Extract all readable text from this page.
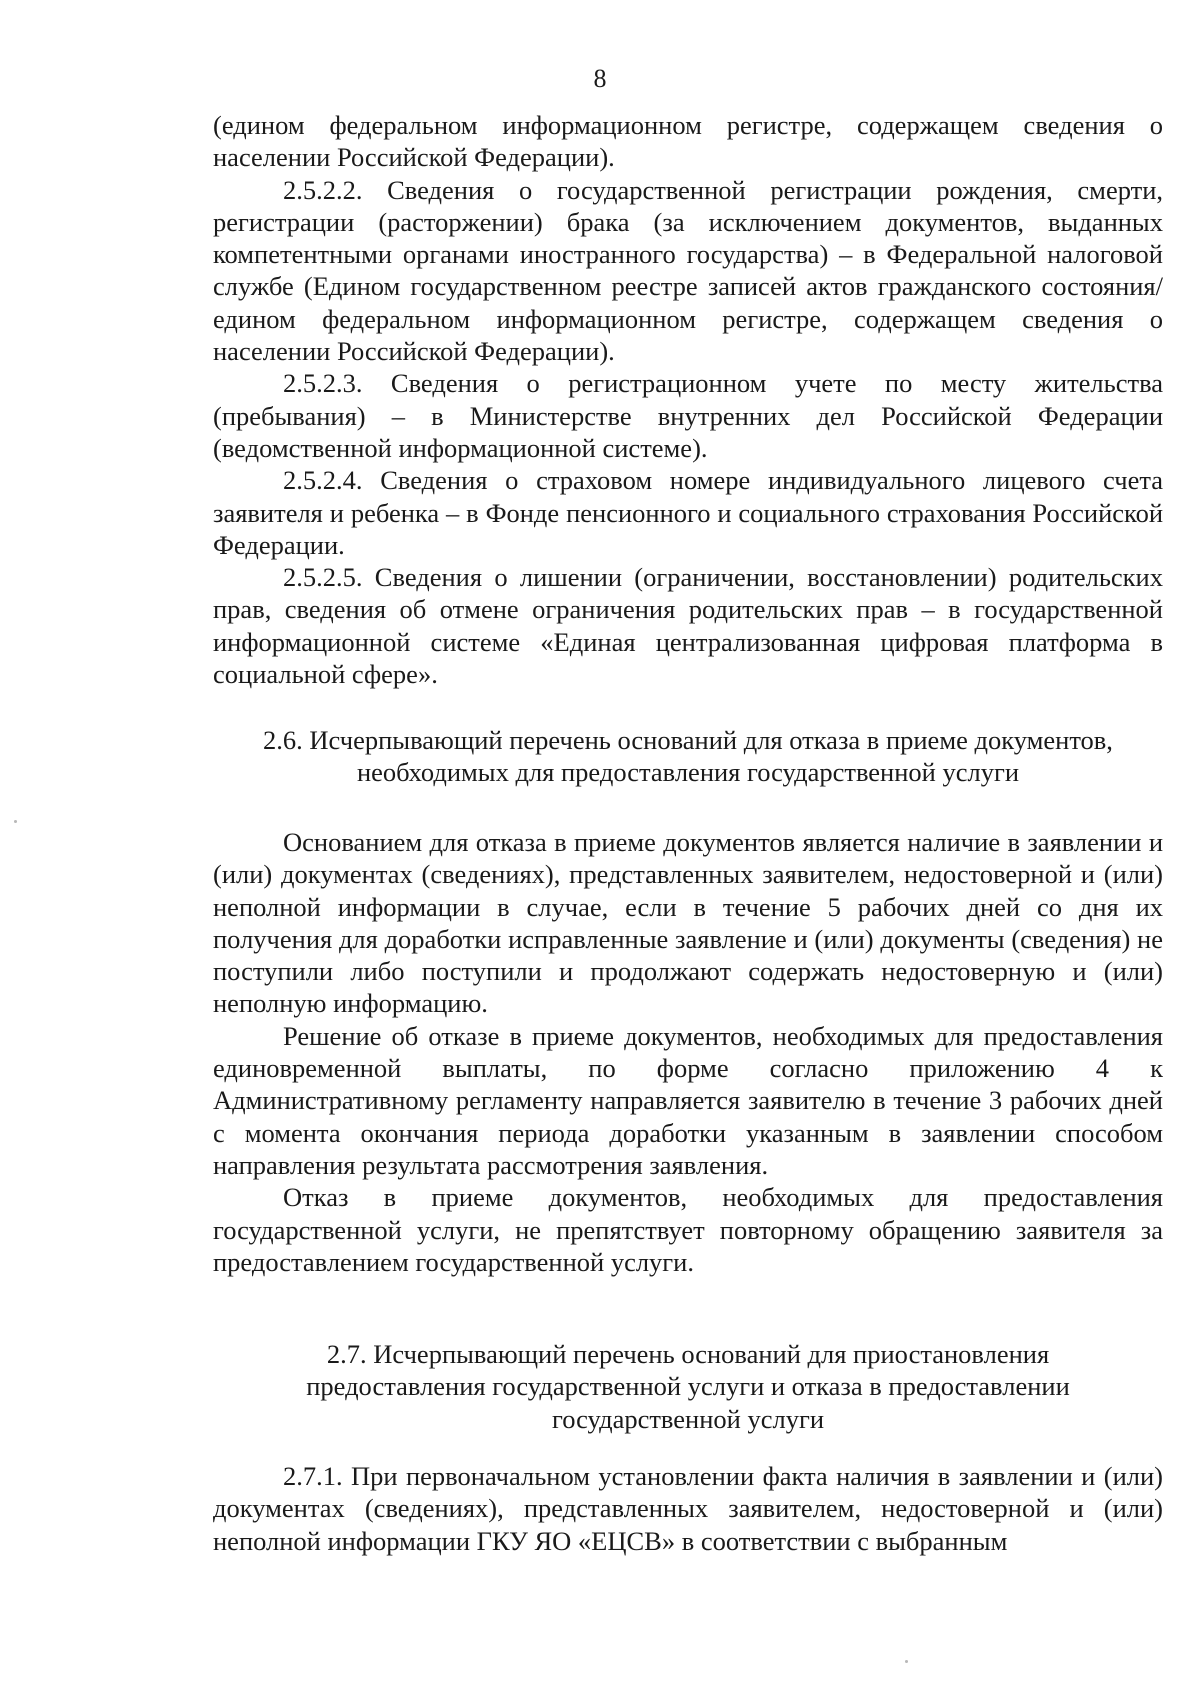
8

(едином федеральном информационном регистре, содержащем сведения о населении Российской Федерации).

2.5.2.2. Сведения о государственной регистрации рождения, смерти, регистрации (расторжении) брака (за исключением документов, выданных компетентными органами иностранного государства) – в Федеральной налоговой службе (Едином государственном реестре записей актов гражданского состояния/ едином федеральном информационном регистре, содержащем сведения о населении Российской Федерации).

2.5.2.3. Сведения о регистрационном учете по месту жительства (пребывания) – в Министерстве внутренних дел Российской Федерации (ведомственной информационной системе).

2.5.2.4. Сведения о страховом номере индивидуального лицевого счета заявителя и ребенка – в Фонде пенсионного и социального страхования Российской Федерации.

2.5.2.5. Сведения о лишении (ограничении, восстановлении) родительских прав, сведения об отмене ограничения родительских прав – в государственной информационной системе «Единая централизованная цифровая платформа в социальной сфере».

2.6. Исчерпывающий перечень оснований для отказа в приеме документов,
необходимых для предоставления государственной услуги

Основанием для отказа в приеме документов является наличие в заявлении и (или) документах (сведениях), представленных заявителем, недостоверной и (или) неполной информации в случае, если в течение 5 рабочих дней со дня их получения для доработки исправленные заявление и (или) документы (сведения) не поступили либо поступили и продолжают содержать недостоверную и (или) неполную информацию.

Решение об отказе в приеме документов, необходимых для предоставления единовременной выплаты, по форме согласно приложению 4 к Административному регламенту направляется заявителю в течение 3 рабочих дней с момента окончания периода доработки указанным в заявлении способом направления результата рассмотрения заявления.

Отказ в приеме документов, необходимых для предоставления государственной услуги, не препятствует повторному обращению заявителя за предоставлением государственной услуги.

2.7. Исчерпывающий перечень оснований для приостановления
предоставления государственной услуги и отказа в предоставлении
государственной услуги

2.7.1. При первоначальном установлении факта наличия в заявлении и (или) документах (сведениях), представленных заявителем, недостоверной и (или) неполной информации ГКУ ЯО «ЕЦСВ» в соответствии с выбранным
